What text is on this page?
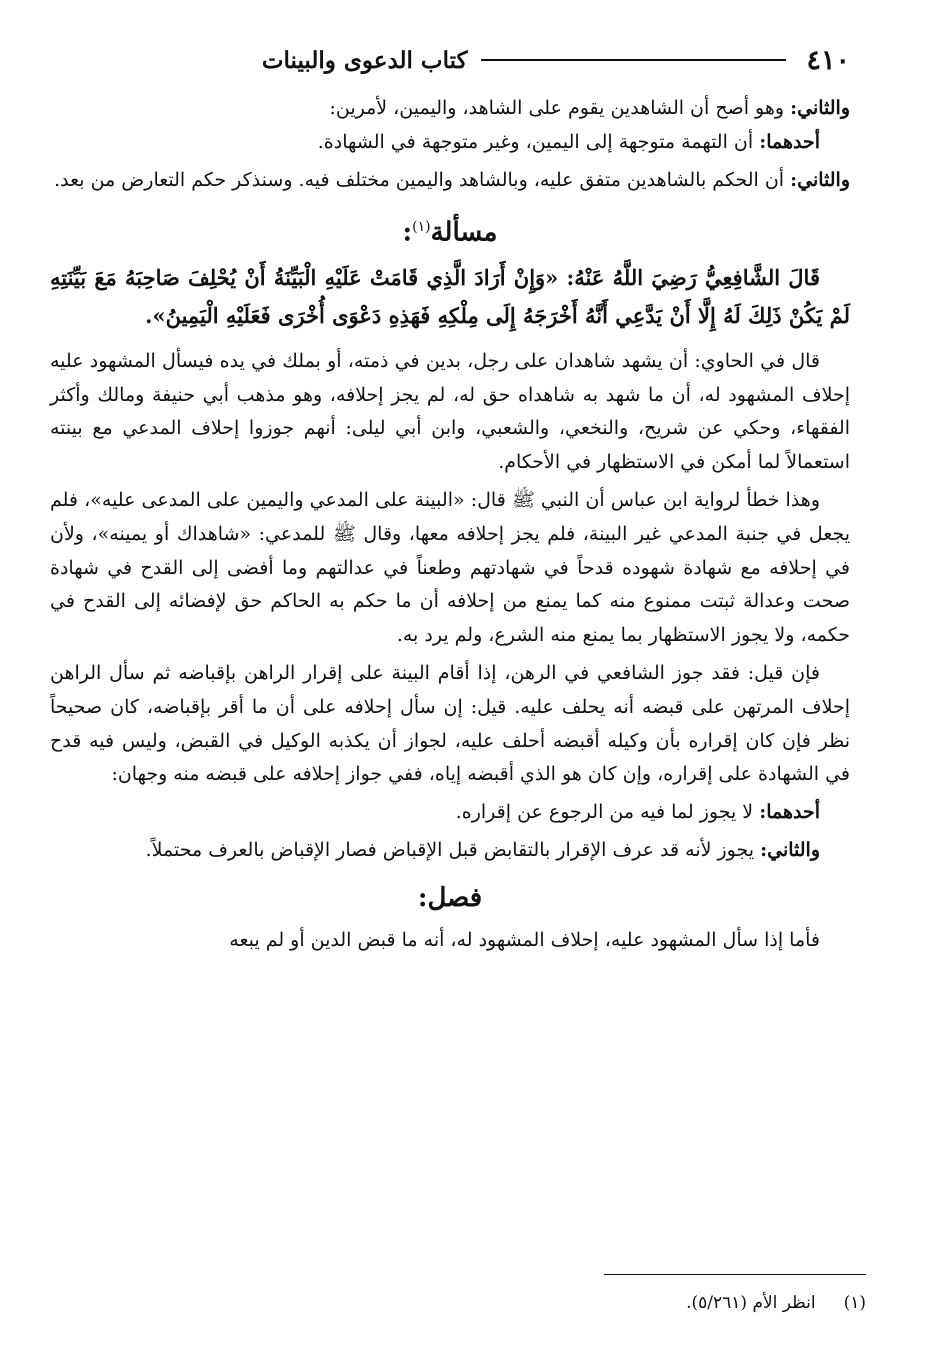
٤١٠
كتاب الدعوى والبينات

والثاني: وهو أصح أن الشاهدين يقوم على الشاهد، واليمين، لأمرين:

أحدهما: أن التهمة متوجهة إلى اليمين، وغير متوجهة في الشهادة.

والثاني: أن الحكم بالشاهدين متفق عليه، وبالشاهد واليمين مختلف فيه. وسنذكر حكم التعارض من بعد.

مسألة$^{(١)}$:

قَالَ الشَّافِعِيُّ رَضِيَ اللَّهُ عَنْهُ: «وَإِنْ أَرَادَ الَّذِي قَامَتْ عَلَيْهِ الْبَيِّنَةُ أَنْ يُحْلِفَ صَاحِبَهُ مَعَ بَيِّنَتِهِ لَمْ يَكُنْ ذَلِكَ لَهُ إِلَّا أَنْ يَدَّعِي أَنَّهُ أَخْرَجَهُ إِلَى مِلْكِهِ فَهَذِهِ دَعْوَى أُخْرَى فَعَلَيْهِ الْيَمِينُ».

قال في الحاوي: أن يشهد شاهدان على رجل، بدين في ذمته، أو بملك في يده فيسأل المشهود عليه إحلاف المشهود له، أن ما شهد به شاهداه حق له، لم يجز إحلافه، وهو مذهب أبي حنيفة ومالك وأكثر الفقهاء، وحكي عن شريح، والنخعي، والشعبي، وابن أبي ليلى: أنهم جوزوا إحلاف المدعي مع بينته استعمالاً لما أمكن في الاستظهار في الأحكام.

وهذا خطأ لرواية ابن عباس أن النبي ﷺ قال: «البينة على المدعي واليمين على المدعى عليه»، فلم يجعل في جنبة المدعي غير البينة، فلم يجز إحلافه معها، وقال ﷺ للمدعي: «شاهداك أو يمينه»، ولأن في إحلافه مع شهادة شهوده قدحاً في شهادتهم وطعناً في عدالتهم وما أفضى إلى القدح في شهادة صحت وعدالة ثبتت ممنوع منه كما يمنع من إحلافه أن ما حكم به الحاكم حق لإفضائه إلى القدح في حكمه، ولا يجوز الاستظهار بما يمنع منه الشرع، ولم يرد به.

فإن قيل: فقد جوز الشافعي في الرهن، إذا أقام البينة على إقرار الراهن بإقباضه ثم سأل الراهن إحلاف المرتهن على قبضه أنه يحلف عليه. قيل: إن سأل إحلافه على أن ما أقر بإقباضه، كان صحيحاً نظر فإن كان إقراره بأن وكيله أقبضه أحلف عليه، لجواز أن يكذبه الوكيل في القبض، وليس فيه قدح في الشهادة على إقراره، وإن كان هو الذي أقبضه إياه، ففي جواز إحلافه على قبضه منه وجهان:

أحدهما: لا يجوز لما فيه من الرجوع عن إقراره.

والثاني: يجوز لأنه قد عرف الإقرار بالتقابض قبل الإقباض فصار الإقباض بالعرف محتملاً.

فصل:

فأما إذا سأل المشهود عليه، إحلاف المشهود له، أنه ما قبض الدين أو لم يبعه

(١)انظر الأم (٥/٢٦١).
